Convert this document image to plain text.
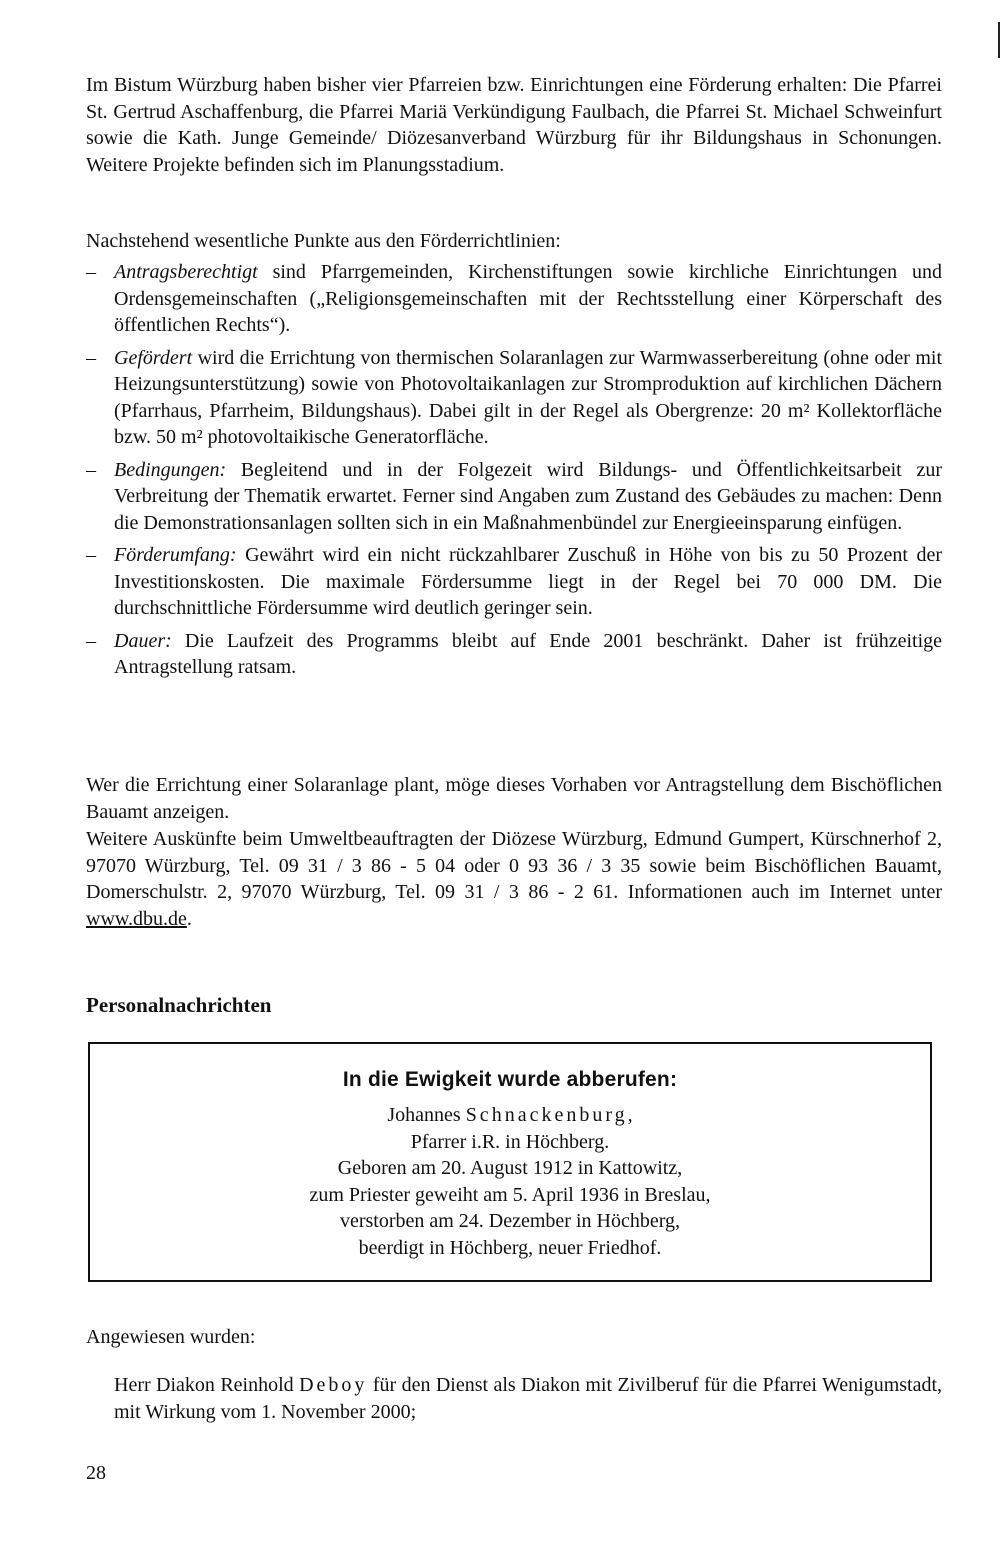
Im Bistum Würzburg haben bisher vier Pfarreien bzw. Einrichtungen eine Förderung erhalten: Die Pfarrei St. Gertrud Aschaffenburg, die Pfarrei Mariä Verkündigung Faulbach, die Pfarrei St. Michael Schweinfurt sowie die Kath. Junge Gemeinde/ Diözesanverband Würzburg für ihr Bildungshaus in Schonungen. Weitere Projekte befinden sich im Planungsstadium.

Nachstehend wesentliche Punkte aus den Förderrichtlinien:

– Antragsberechtigt sind Pfarrgemeinden, Kirchenstiftungen sowie kirchliche Einrichtungen und Ordensgemeinschaften („Religionsgemeinschaften mit der Rechtsstellung einer Körperschaft des öffentlichen Rechts“).
– Gefördert wird die Errichtung von thermischen Solaranlagen zur Warmwasserbereitung (ohne oder mit Heizungsunterstützung) sowie von Photovoltaikanlagen zur Stromproduktion auf kirchlichen Dächern (Pfarrhaus, Pfarrheim, Bildungshaus). Dabei gilt in der Regel als Obergrenze: 20 m² Kollektorfläche bzw. 50 m² photovoltaikische Generatorfläche.
– Bedingungen: Begleitend und in der Folgezeit wird Bildungs- und Öffentlichkeitsarbeit zur Verbreitung der Thematik erwartet. Ferner sind Angaben zum Zustand des Gebäudes zu machen: Denn die Demonstrationsanlagen sollten sich in ein Maßnahmenbündel zur Energieeinsparung einfügen.
– Förderumfang: Gewährt wird ein nicht rückzahlbarer Zuschuß in Höhe von bis zu 50 Prozent der Investitionskosten. Die maximale Fördersumme liegt in der Regel bei 70 000 DM. Die durchschnittliche Fördersumme wird deutlich geringer sein.
– Dauer: Die Laufzeit des Programms bleibt auf Ende 2001 beschränkt. Daher ist frühzeitige Antragstellung ratsam.

Wer die Errichtung einer Solaranlage plant, möge dieses Vorhaben vor Antragstellung dem Bischöflichen Bauamt anzeigen.

Weitere Auskünfte beim Umweltbeauftragten der Diözese Würzburg, Edmund Gumpert, Kürschnerhof 2, 97070 Würzburg, Tel. 09 31 / 3 86 - 5 04 oder 0 93 36 / 3 35 sowie beim Bischöflichen Bauamt, Domerschulstr. 2, 97070 Würzburg, Tel. 09 31 / 3 86 - 2 61. Informationen auch im Internet unter www.dbu.de.

Personalnachrichten
In die Ewigkeit wurde abberufen:
Johannes Schnackenburg,
Pfarrer i.R. in Höchberg.
Geboren am 20. August 1912 in Kattowitz,
zum Priester geweiht am 5. April 1936 in Breslau,
verstorben am 24. Dezember in Höchberg,
beerdigt in Höchberg, neuer Friedhof.
Angewiesen wurden:
Herr Diakon Reinhold Deboy für den Dienst als Diakon mit Zivilberuf für die Pfarrei Wenigumstadt, mit Wirkung vom 1. November 2000;
28
